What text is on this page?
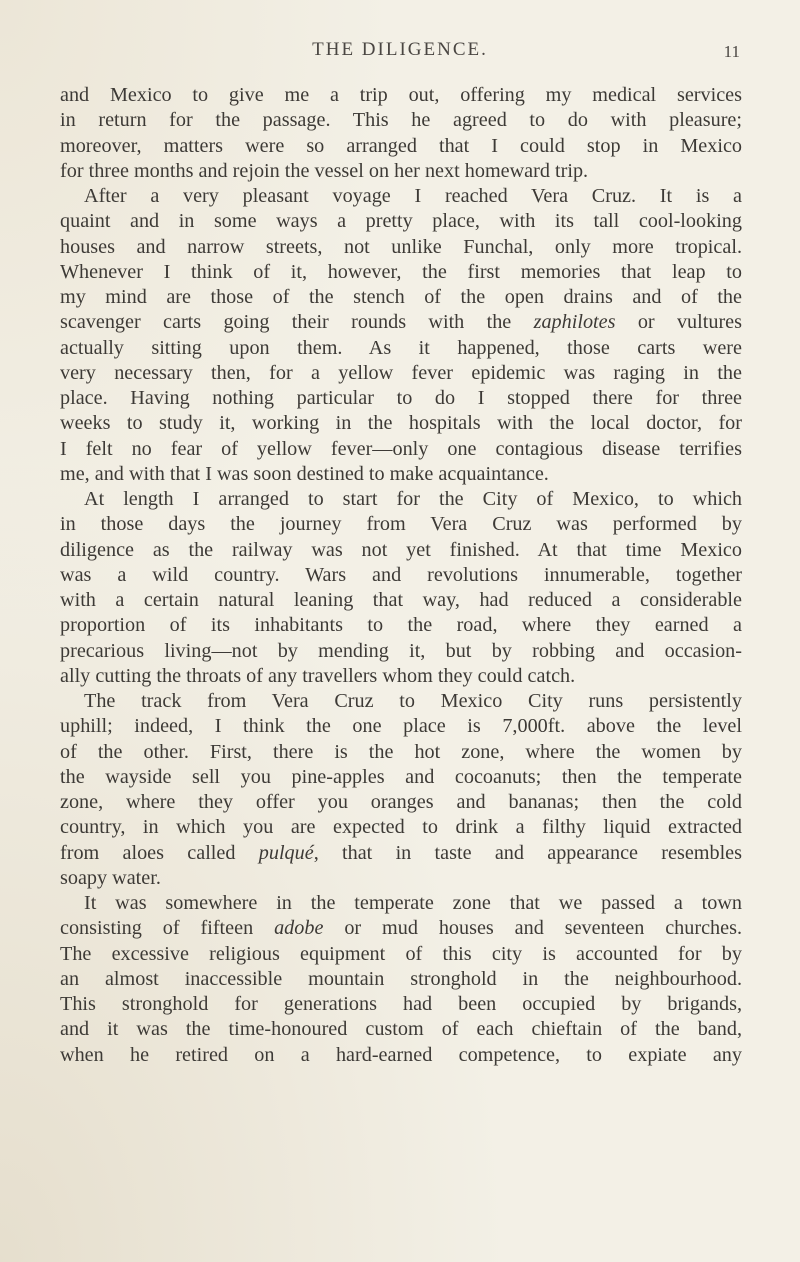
THE DILIGENCE.	11
and Mexico to give me a trip out, offering my medical services
in return for the passage. This he agreed to do with pleasure;
moreover, matters were so arranged that I could stop in Mexico
for three months and rejoin the vessel on her next homeward trip.
After a very pleasant voyage I reached Vera Cruz. It is a
quaint and in some ways a pretty place, with its tall cool-looking
houses and narrow streets, not unlike Funchal, only more tropical.
Whenever I think of it, however, the first memories that leap to
my mind are those of the stench of the open drains and of the
scavenger carts going their rounds with the zaphilotes or vultures
actually sitting upon them. As it happened, those carts were
very necessary then, for a yellow fever epidemic was raging in the
place. Having nothing particular to do I stopped there for three
weeks to study it, working in the hospitals with the local doctor, for
I felt no fear of yellow fever—only one contagious disease terrifies
me, and with that I was soon destined to make acquaintance.
At length I arranged to start for the City of Mexico, to which
in those days the journey from Vera Cruz was performed by
diligence as the railway was not yet finished. At that time Mexico
was a wild country. Wars and revolutions innumerable, together
with a certain natural leaning that way, had reduced a considerable
proportion of its inhabitants to the road, where they earned a
precarious living—not by mending it, but by robbing and occasion-
ally cutting the throats of any travellers whom they could catch.
The track from Vera Cruz to Mexico City runs persistently
uphill; indeed, I think the one place is 7,000ft. above the level
of the other. First, there is the hot zone, where the women by
the wayside sell you pine-apples and cocoanuts; then the temperate
zone, where they offer you oranges and bananas; then the cold
country, in which you are expected to drink a filthy liquid extracted
from aloes called pulqué, that in taste and appearance resembles
soapy water.
It was somewhere in the temperate zone that we passed a town
consisting of fifteen adobe or mud houses and seventeen churches.
The excessive religious equipment of this city is accounted for by
an almost inaccessible mountain stronghold in the neighbourhood.
This stronghold for generations had been occupied by brigands,
and it was the time-honoured custom of each chieftain of the band,
when he retired on a hard-earned competence, to expiate any
